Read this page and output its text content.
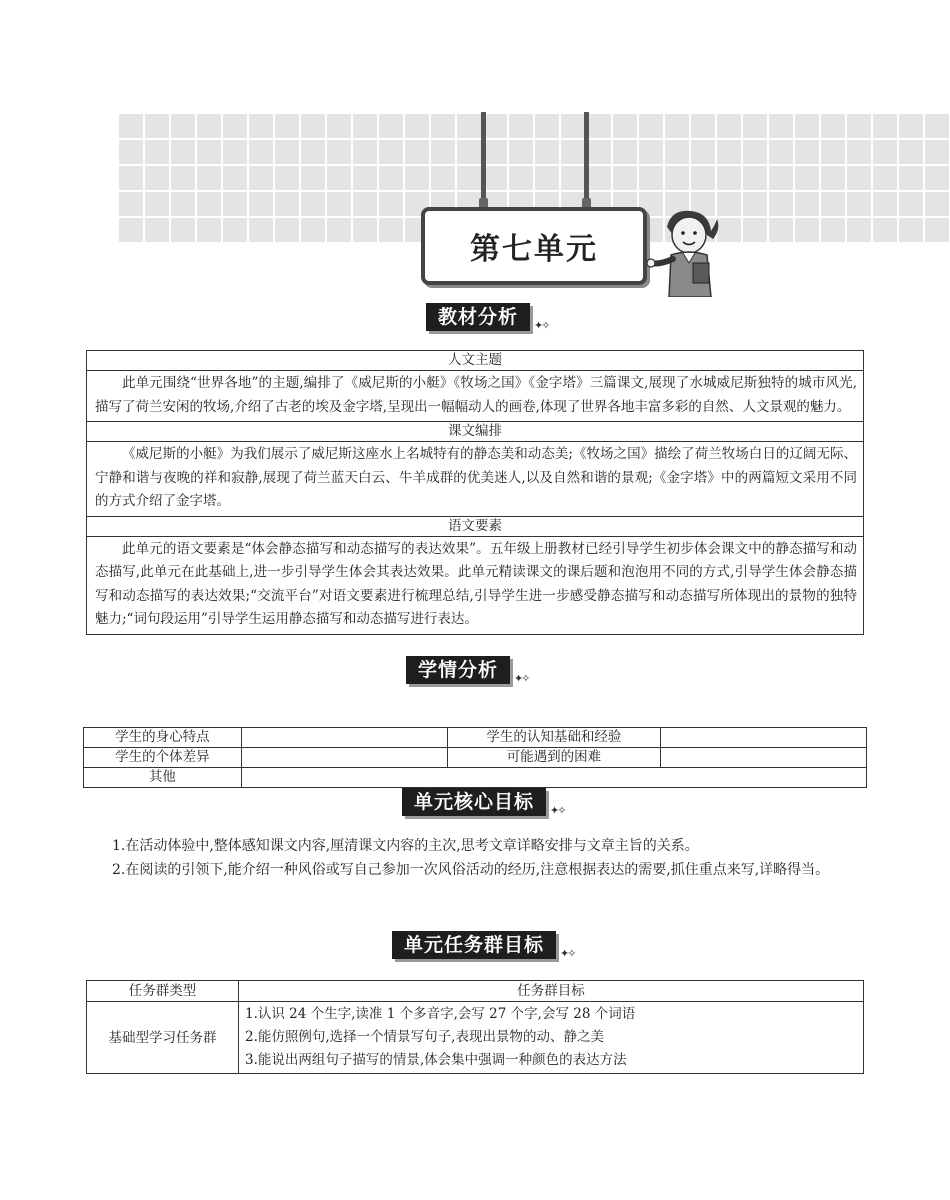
第七单元
教材分析	✦✧
人文主题
此单元围绕“世界各地”的主题,编排了《威尼斯的小艇》《牧场之国》《金字塔》三篇课文,展现了水城威尼斯独特的城市风光,描写了荷兰安闲的牧场,介绍了古老的埃及金字塔,呈现出一幅幅动人的画卷,体现了世界各地丰富多彩的自然、人文景观的魅力。
课文编排
《威尼斯的小艇》为我们展示了威尼斯这座水上名城特有的静态美和动态美;《牧场之国》描绘了荷兰牧场白日的辽阔无际、宁静和谐与夜晚的祥和寂静,展现了荷兰蓝天白云、牛羊成群的优美迷人,以及自然和谐的景观;《金字塔》中的两篇短文采用不同的方式介绍了金字塔。
语文要素
此单元的语文要素是“体会静态描写和动态描写的表达效果”。五年级上册教材已经引导学生初步体会课文中的静态描写和动态描写,此单元在此基础上,进一步引导学生体会其表达效果。此单元精读课文的课后题和泡泡用不同的方式,引导学生体会静态描写和动态描写的表达效果;“交流平台”对语文要素进行梳理总结,引导学生进一步感受静态描写和动态描写所体现出的景物的独特魅力;“词句段运用”引导学生运用静态描写和动态描写进行表达。
学情分析	✦✧
学生的身心特点		学生的认知基础和经验	
学生的个体差异		可能遇到的困难	
其他			
单元核心目标	✦✧

1.在活动体验中,整体感知课文内容,厘清课文内容的主次,思考文章详略安排与文章主旨的关系。

2.在阅读的引领下,能介绍一种风俗或写自己参加一次风俗活动的经历,注意根据表达的需要,抓住重点来写,详略得当。

单元任务群目标	✦✧
任务群类型	任务群目标
基础型学习任务群	1.认识 24 个生字,读准 1 个多音字,会写 27 个字,会写 28 个词语
2.能仿照例句,选择一个情景写句子,表现出景物的动、静之美
3.能说出两组句子描写的情景,体会集中强调一种颜色的表达方法
